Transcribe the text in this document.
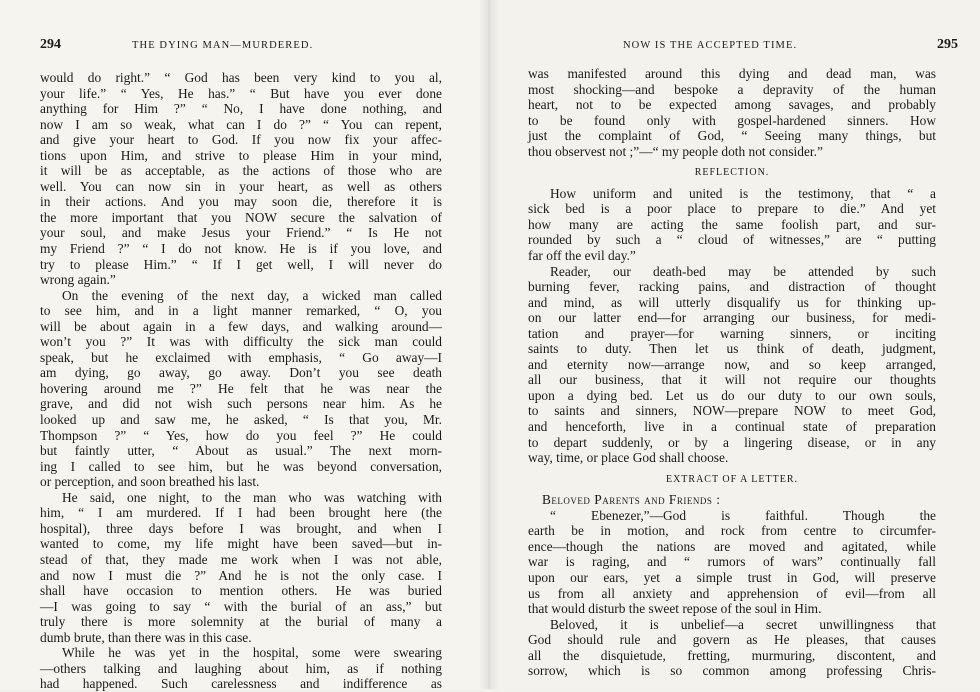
294	THE DYING MAN—MURDERED.
would do right.” “ God has been very kind to you al,
your life.” “ Yes, He has.” “ But have you ever done
anything for Him ?” “ No, I have done nothing, and
now I am so weak, what can I do ?” “ You can repent,
and give your heart to God. If you now fix your affec-
tions upon Him, and strive to please Him in your mind,
it will be as acceptable, as the actions of those who are
well. You can now sin in your heart, as well as others
in their actions. And you may soon die, therefore it is
the more important that you NOW secure the salvation of
your soul, and make Jesus your Friend.” “ Is He not
my Friend ?” “ I do not know. He is if you love, and
try to please Him.” “ If I get well, I will never do
wrong again.”
On the evening of the next day, a wicked man called
to see him, and in a light manner remarked, “ O, you
will be about again in a few days, and walking around—
won’t you ?” It was with difficulty the sick man could
speak, but he exclaimed with emphasis, “ Go away—I
am dying, go away, go away. Don’t you see death
hovering around me ?” He felt that he was near the
grave, and did not wish such persons near him. As he
looked up and saw me, he asked, “ Is that you, Mr.
Thompson ?” “ Yes, how do you feel ?” He could
but faintly utter, “ About as usual.” The next morn-
ing I called to see him, but he was beyond conversation,
or perception, and soon breathed his last.
He said, one night, to the man who was watching with
him, “ I am murdered. If I had been brought here (the
hospital), three days before I was brought, and when I
wanted to come, my life might have been saved—but in-
stead of that, they made me work when I was not able,
and now I must die ?” And he is not the only case. I
shall have occasion to mention others. He was buried
—I was going to say “ with the burial of an ass,” but
truly there is more solemnity at the burial of many a
dumb brute, than there was in this case.
While he was yet in the hospital, some were swearing
—others talking and laughing about him, as if nothing
had happened. Such carelessness and indifference as
NOW IS THE ACCEPTED TIME.	295
was manifested around this dying and dead man, was
most shocking—and bespoke a depravity of the human
heart, not to be expected among savages, and probably
to be found only with gospel-hardened sinners. How
just the complaint of God, “ Seeing many things, but
thou observest not ;”—“ my people doth not consider.”
REFLECTION.
How uniform and united is the testimony, that “ a
sick bed is a poor place to prepare to die.” And yet
how many are acting the same foolish part, and sur-
rounded by such a “ cloud of witnesses,” are “ putting
far off the evil day.”
Reader, our death-bed may be attended by such
burning fever, racking pains, and distraction of thought
and mind, as will utterly disqualify us for thinking up-
on our latter end—for arranging our business, for medi-
tation and prayer—for warning sinners, or inciting
saints to duty. Then let us think of death, judgment,
and eternity now—arrange now, and so keep arranged,
all our business, that it will not require our thoughts
upon a dying bed. Let us do our duty to our own souls,
to saints and sinners, NOW—prepare NOW to meet God,
and henceforth, live in a continual state of preparation
to depart suddenly, or by a lingering disease, or in any
way, time, or place God shall choose.
EXTRACT OF A LETTER.
Beloved Parents and Friends :
“ Ebenezer,”—God is faithful. Though the
earth be in motion, and rock from centre to circumfer-
ence—though the nations are moved and agitated, while
war is raging, and “ rumors of wars” continually fall
upon our ears, yet a simple trust in God, will preserve
us from all anxiety and apprehension of evil—from all
that would disturb the sweet repose of the soul in Him.
Beloved, it is unbelief—a secret unwillingness that
God should rule and govern as He pleases, that causes
all the disquietude, fretting, murmuring, discontent, and
sorrow, which is so common among professing Chris-
